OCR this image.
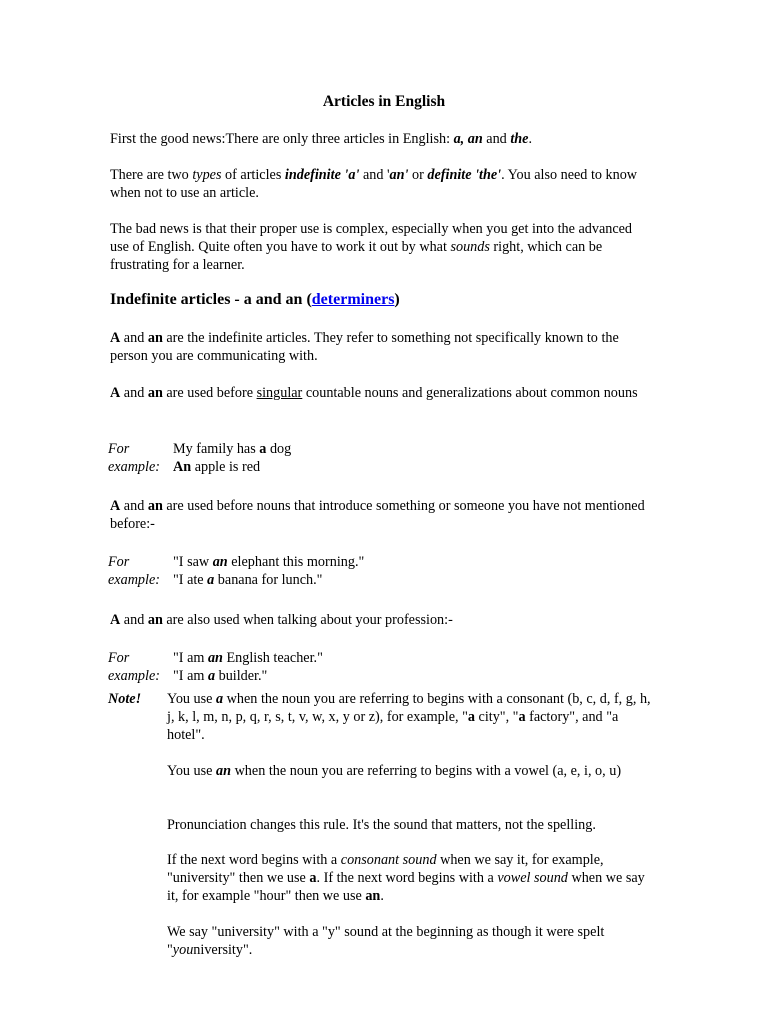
Articles in English

First the good news:There are only three articles in English: a, an and the.

There are two types of articles indefinite 'a' and 'an' or definite 'the'. You also need to know when not to use an article.

The bad news is that their proper use is complex, especially when you get into the advanced use of English. Quite often you have to work it out by what sounds right, which can be frustrating for a learner.

Indefinite articles - a and an (determiners)

A and an are the indefinite articles. They refer to something not specifically known to the person you are communicating with.

A and an are used before singular countable nouns and generalizations about common nouns

For
example:
My family has a dog
An apple is red

A and an are used before nouns that introduce something or someone you have not mentioned before:-

For
example:
"I saw an elephant this morning."
"I ate a banana for lunch."

A and an are also used when talking about your profession:-

For
example:
"I am an English teacher."
"I am a builder."
Note!	You use a when the noun you are referring to begins with a consonant (b, c, d, f, g, h, j, k, l, m, n, p, q, r, s, t, v, w, x, y or z), for example, "a city", "a factory", and "a hotel".

You use an when the noun you are referring to begins with a vowel (a, e, i, o, u)

Pronunciation changes this rule. It's the sound that matters, not the spelling.

If the next word begins with a consonant sound when we say it, for example, "university" then we use a. If the next word begins with a vowel sound when we say it, for example "hour" then we use an.

We say "university" with a "y" sound at the beginning as though it were spelt "youniversity".
